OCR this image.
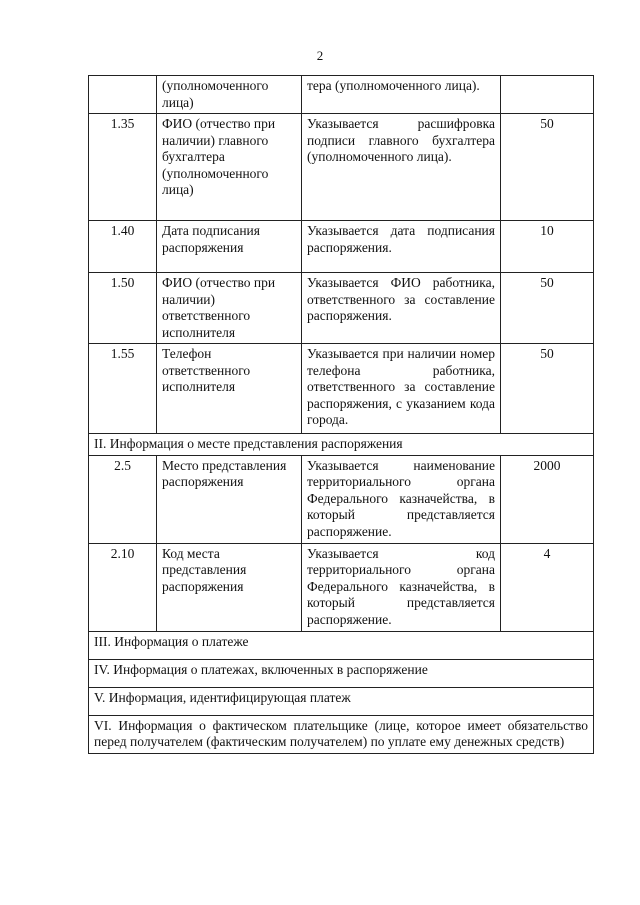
2
	(уполномоченного лица)	тера (уполномоченного лица).	
1.35	ФИО (отчество при наличии) главного бухгалтера (уполномоченного лица)	Указывается расшифровка подписи главного бухгалтера (уполномоченного лица).	50
1.40	Дата подписания распоряжения	Указывается дата подписания распоряжения.	10
1.50	ФИО (отчество при наличии) ответственного исполнителя	Указывается ФИО работника, ответственного за составление распоряжения.	50
1.55	Телефон ответственного исполнителя	Указывается при наличии номер телефона работника, ответственного за составление распоряжения, с указанием кода города.	50
II. Информация о месте представления распоряжения			
2.5	Место представления распоряжения	Указывается наименование территориального органа Федерального казначейства, в который представляется распоряжение.	2000
2.10	Код места представления распоряжения	Указывается код территориального органа Федерального казначейства, в который представляется распоряжение.	4
III. Информация о платеже			
IV. Информация о платежах, включенных в распоряжение			
V. Информация, идентифицирующая платеж			
VI. Информация о фактическом плательщике (лице, которое имеет обязательство перед получателем (фактическим получателем) по уплате ему денежных средств)			
